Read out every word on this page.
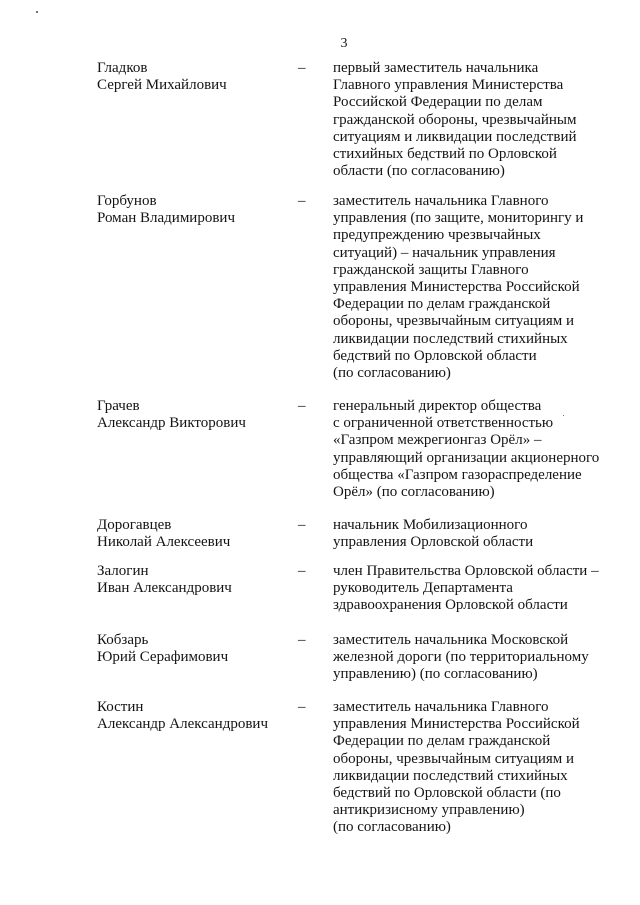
3
Гладков
Сергей Михайлович
– первый заместитель начальника
Главного управления Министерства
Российской Федерации по делам
гражданской обороны, чрезвычайным
ситуациям и ликвидации последствий
стихийных бедствий по Орловской
области (по согласованию)
Горбунов
Роман Владимирович
– заместитель начальника Главного
управления (по защите, мониторингу и
предупреждению чрезвычайных
ситуаций) – начальник управления
гражданской защиты Главного
управления Министерства Российской
Федерации по делам гражданской
обороны, чрезвычайным ситуациям и
ликвидации последствий стихийных
бедствий по Орловской области
(по согласованию)
Грачев
Александр Викторович
– генеральный директор общества
с ограниченной ответственностью
«Газпром межрегионгаз Орёл» –
управляющий организации акционерного
общества «Газпром газораспределение
Орёл» (по согласованию)
Дорогавцев
Николай Алексеевич
– начальник Мобилизационного
управления Орловской области
Залогин
Иван Александрович
– член Правительства Орловской области –
руководитель Департамента
здравоохранения Орловской области
Кобзарь
Юрий Серафимович
– заместитель начальника Московской
железной дороги (по территориальному
управлению) (по согласованию)
Костин
Александр Александрович
– заместитель начальника Главного
управления Министерства Российской
Федерации по делам гражданской
обороны, чрезвычайным ситуациям и
ликвидации последствий стихийных
бедствий по Орловской области (по
антикризисному управлению)
(по согласованию)
